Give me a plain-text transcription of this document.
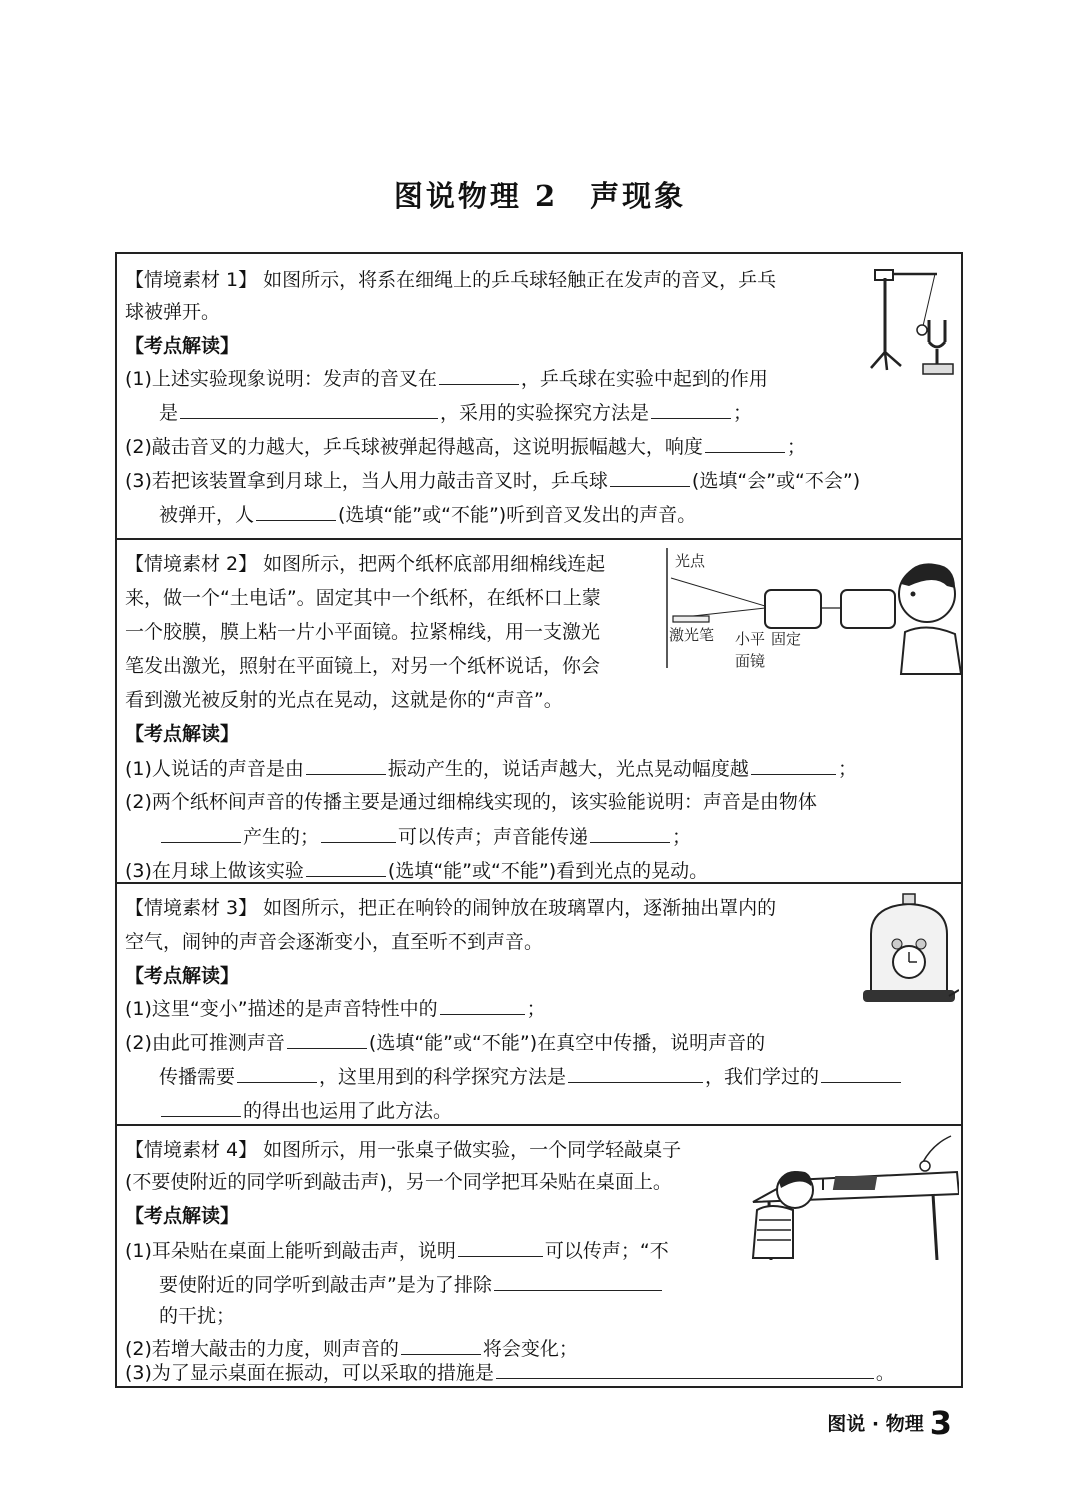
图说物理 2　声现象
【情境素材 1】 如图所示，将系在细绳上的乒乓球轻触正在发声的音叉，乒乓
球被弹开。
【考点解读】
(1)上述实验现象说明：发声的音叉在	，乒乓球在实验中起到的作用
是	，采用的实验探究方法是	；
(2)敲击音叉的力越大，乒乓球被弹起得越高，这说明振幅越大，响度	；
(3)若把该装置拿到月球上，当人用力敲击音叉时，乒乓球	(选填“会”或“不会”)
被弹开，人	(选填“能”或“不能”)听到音叉发出的声音。
【情境素材 2】 如图所示，把两个纸杯底部用细棉线连起
来，做一个“土电话”。固定其中一个纸杯，在纸杯口上蒙
一个胶膜，膜上粘一片小平面镜。拉紧棉线，用一支激光
笔发出激光，照射在平面镜上，对另一个纸杯说话，你会
看到激光被反射的光点在晃动，这就是你的“声音”。
【考点解读】
(1)人说话的声音是由	振动产生的，说话声越大，光点晃动幅度越	；
(2)两个纸杯间声音的传播主要是通过细棉线实现的，该实验能说明：声音是由物体
产生的；	可以传声；声音能传递	；
(3)在月球上做该实验	(选填“能”或“不能”)看到光点的晃动。
光点
激光笔 小平
面镜
固定
【情境素材 3】 如图所示，把正在响铃的闹钟放在玻璃罩内，逐渐抽出罩内的
空气，闹钟的声音会逐渐变小，直至听不到声音。
【考点解读】
(1)这里“变小”描述的是声音特性中的	；
(2)由此可推测声音	(选填“能”或“不能”)在真空中传播，说明声音的
传播需要	，这里用到的科学探究方法是	，我们学过的
的得出也运用了此方法。
【情境素材 4】 如图所示，用一张桌子做实验，一个同学轻敲桌子
(不要使附近的同学听到敲击声)，另一个同学把耳朵贴在桌面上。
【考点解读】
(1)耳朵贴在桌面上能听到敲击声，说明	可以传声；“不
要使附近的同学听到敲击声”是为了排除
的干扰；
(2)若增大敲击的力度，则声音的	将会变化；
(3)为了显示桌面在振动，可以采取的措施是	。
图说 · 物理 3
